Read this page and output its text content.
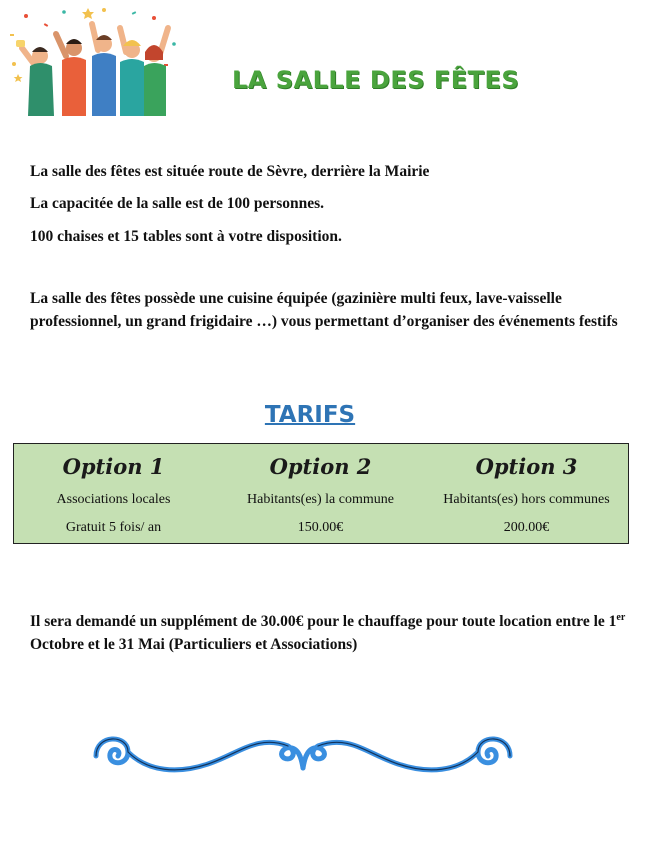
LA SALLE DES FÊTES
La salle des fêtes est située route de Sèvre, derrière la Mairie
La capacitée de la salle est de 100 personnes.
100 chaises et 15 tables sont à votre disposition.
La salle des fêtes possède une cuisine équipée (gazinière multi feux, lave-vaisselle professionnel, un grand frigidaire …) vous permettant d’organiser des événements festifs
TARIFS
Option 1
Associations locales
Gratuit 5 fois/ an
Option 2
Habitants(es) la commune
150.00€
Option 3
Habitants(es) hors communes
200.00€
Il sera demandé un supplément de 30.00€ pour le chauffage pour toute location entre le 1er Octobre et le 31 Mai (Particuliers et Associations)
